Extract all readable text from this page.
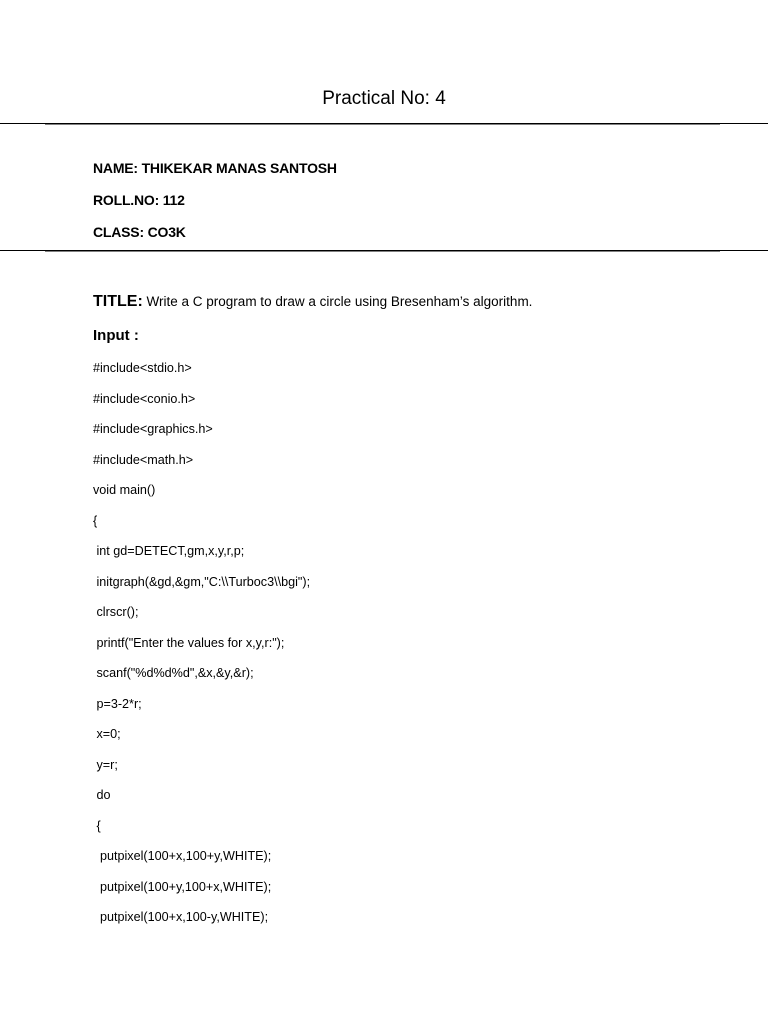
Practical No: 4
NAME: THIKEKAR MANAS SANTOSH
ROLL.NO: 112
CLASS: CO3K
TITLE: Write a C program to draw a circle using Bresenham’s algorithm.
Input :
#include<stdio.h>
#include<conio.h>
#include<graphics.h>
#include<math.h>
void main()
{
int gd=DETECT,gm,x,y,r,p;
initgraph(&gd,&gm,"C:\\Turboc3\\bgi");
clrscr();
printf("Enter the values for x,y,r:");
scanf("%d%d%d",&x,&y,&r);
p=3-2*r;
x=0;
y=r;
do
{
putpixel(100+x,100+y,WHITE);
putpixel(100+y,100+x,WHITE);
putpixel(100+x,100-y,WHITE);
